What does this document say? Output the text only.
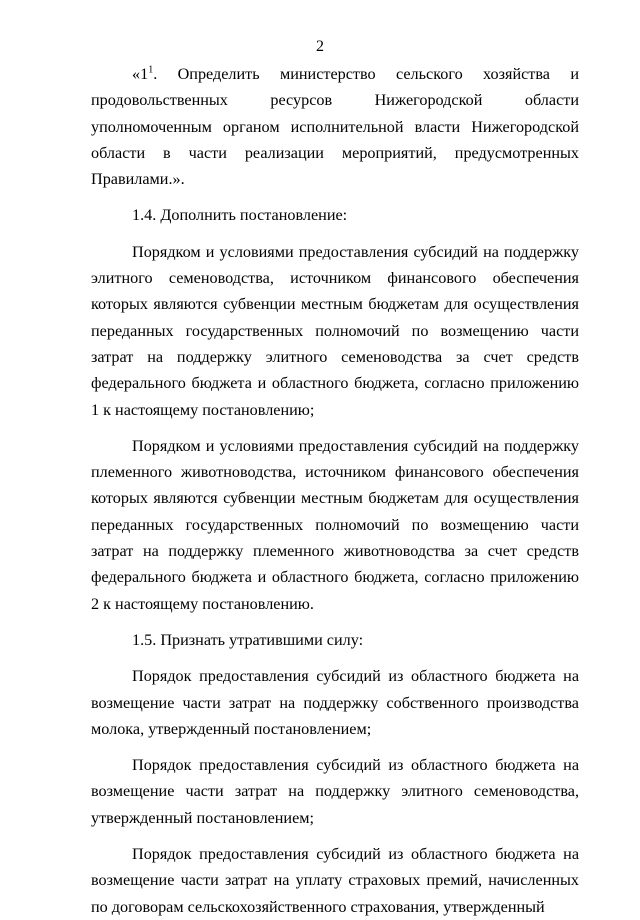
2

«$1^1$. Определить министерство сельского хозяйства и продовольственных ресурсов Нижегородской области уполномоченным органом исполнительной власти Нижегородской области в части реализации мероприятий, предусмотренных Правилами.».

1.4. Дополнить постановление:

Порядком и условиями предоставления субсидий на поддержку элитного семеноводства, источником финансового обеспечения которых являются субвенции местным бюджетам для осуществления переданных государственных полномочий по возмещению части затрат на поддержку элитного семеноводства за счет средств федерального бюджета и областного бюджета, согласно приложению 1 к настоящему постановлению;

Порядком и условиями предоставления субсидий на поддержку племенного животноводства, источником финансового обеспечения которых являются субвенции местным бюджетам для осуществления переданных государственных полномочий по возмещению части затрат на поддержку племенного животноводства за счет средств федерального бюджета и областного бюджета, согласно приложению 2 к настоящему постановлению.

1.5. Признать утратившими силу:

Порядок предоставления субсидий из областного бюджета на возмещение части затрат на поддержку собственного производства молока, утвержденный постановлением;

Порядок предоставления субсидий из областного бюджета на возмещение части затрат на поддержку элитного семеноводства, утвержденный постановлением;

Порядок предоставления субсидий из областного бюджета на возмещение части затрат на уплату страховых премий, начисленных по договорам сельскохозяйственного страхования, утвержденный
